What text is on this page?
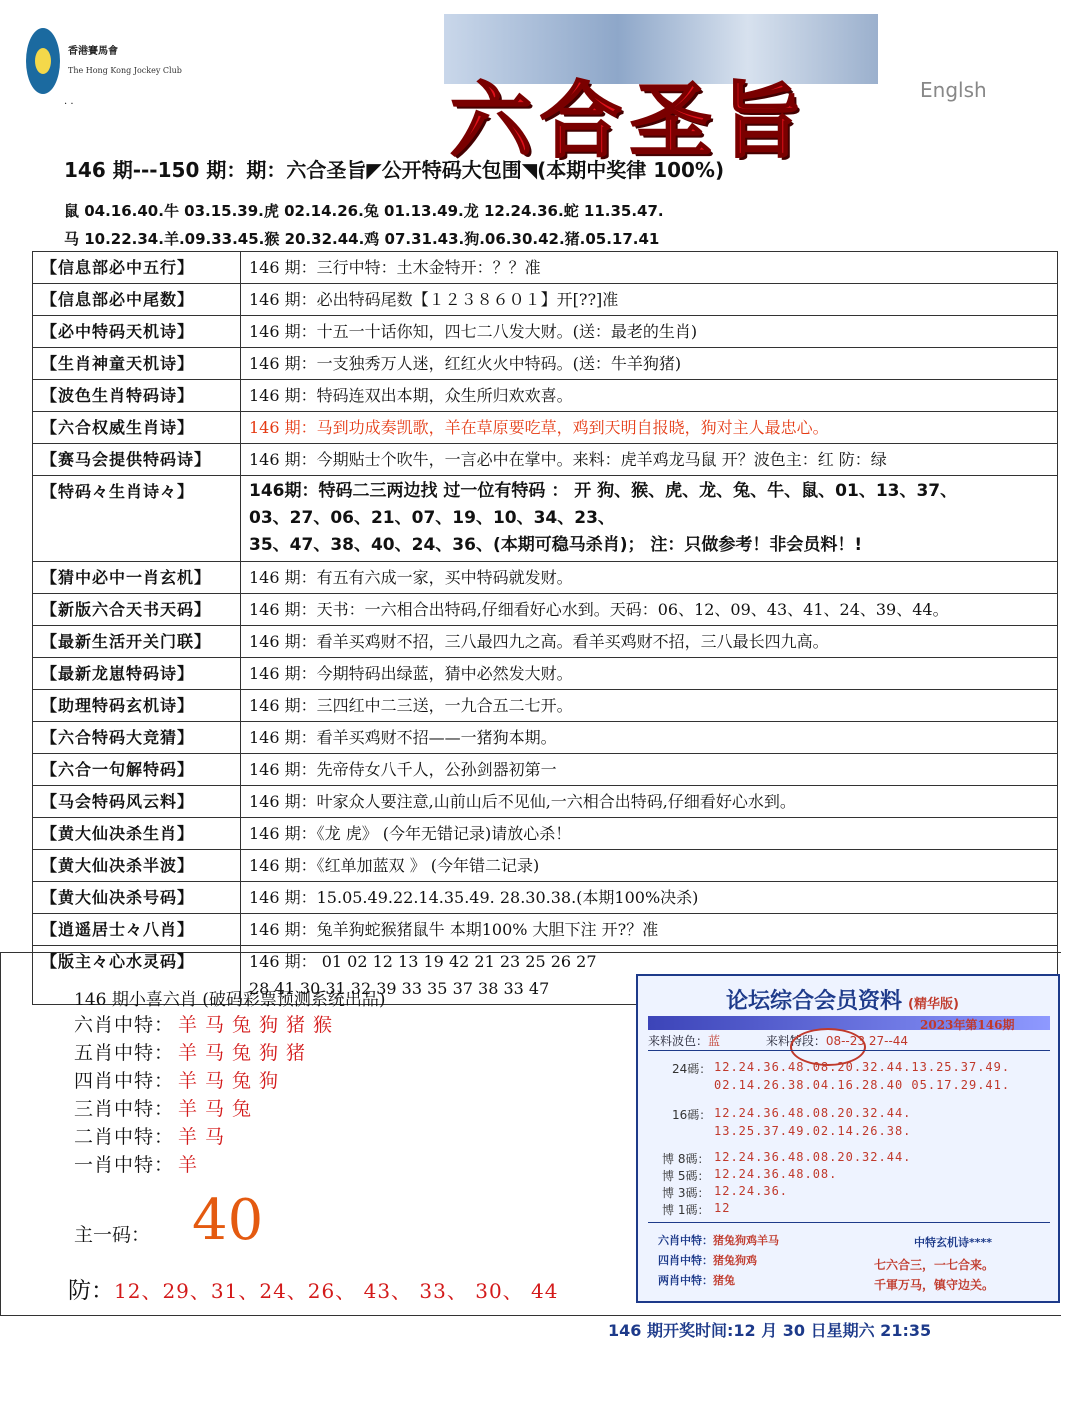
香港賽馬會
The Hong Kong Jockey Club
. .	六合圣旨	Englsh
146 期---150 期：期：六合圣旨◤公开特码大包围◥(本期中奖律 100%)
鼠 04.16.40.牛 03.15.39.虎 02.14.26.兔 01.13.49.龙 12.24.36.蛇 11.35.47.
马 10.22.34.羊.09.33.45.猴 20.32.44.鸡 07.31.43.狗.06.30.42.猪.05.17.41
【信息部必中五行】	146 期：三行中特：土木金特开：？？准

【信息部必中尾数】	146 期：必出特码尾数【１２３８６０１】开[??]准

【必中特码天机诗】	146 期：十五一十话你知，四七二八发大财。(送：最老的生肖)

【生肖神童天机诗】	146 期：一支独秀万人迷，红红火火中特码。(送：牛羊狗猪)

【波色生肖特码诗】	146 期：特码连双出本期，众生所归欢欢喜。

【六合权威生肖诗】	146 期：马到功成奏凯歌，羊在草原要吃草，鸡到天明自报晓，狗对主人最忠心。

【赛马会提供特码诗】	146 期：今期贴士个吹牛，一言必中在掌中。来料：虎羊鸡龙马鼠 开？波色主：红 防：绿

【特码々生肖诗々】	146期：特码二三两边找 过一位有特码 ： 开 狗、猴、虎、龙、兔、牛、鼠、01、13、37、
03、27、06、21、07、19、10、34、23、
35、47、38、40、24、36、(本期可稳马杀肖)； 注：只做参考！非会员料！!

【猜中必中一肖玄机】	146 期：有五有六成一家，买中特码就发财。

【新版六合天书天码】	146 期：天书：一六相合出特码,仔细看好心水到。天码：06、12、09、43、41、24、39、44。

【最新生活开关门联】	146 期：看羊买鸡财不招，三八最四九之高。看羊买鸡财不招，三八最长四九高。

【最新龙崽特码诗】	146 期：今期特码出绿蓝，猜中必然发大财。

【助理特码玄机诗】	146 期：三四红中二三送，一九合五二七开。

【六合特码大竞猜】	146 期：看羊买鸡财不招——一猪狗本期。

【六合一句解特码】	146 期：先帝侍女八千人，公孙剑器初第一

【马会特码风云料】	146 期：叶家众人要注意,山前山后不见仙,一六相合出特码,仔细看好心水到。

【黄大仙决杀生肖】	146 期：《龙 虎》 (今年无错记录)请放心杀！

【黄大仙决杀半波】	146 期：《红单加蓝双 》 (今年错二记录)

【黄大仙决杀号码】	146 期：15.05.49.22.14.35.49. 28.30.38.(本期100%决杀)

【逍遥居士々八肖】	146 期：兔羊狗蛇猴猪鼠牛 本期100% 大胆下注 开?？准

【版主々心水灵码】	146 期： 01 02 12 13 19 42 21 23 25 26 27
28 41 30 31 32 39 33 35 37 38 33 47
146 期小喜六肖 (破码彩票预测系统出品)
六肖中特： 羊马兔狗猪猴
五肖中特： 羊马兔狗猪
四肖中特： 羊马兔狗
三肖中特： 羊马兔
二肖中特： 羊马
一肖中特： 羊
主一码： 40
防：12、29、31、24、26、 43、 33、 30、 44
论坛综合会员资料 (精华版)
2023年第146期
来料波色：蓝	来料特段：08--23 27--44
24碼： 12.24.36.48.08.20.32.44.13.25.37.49.
02.14.26.38.04.16.28.40 05.17.29.41.
16碼： 12.24.36.48.08.20.32.44.
13.25.37.49.02.14.26.38.
博 8碼： 12.24.36.48.08.20.32.44.
博 5碼： 12.24.36.48.08.
博 3碼： 12.24.36.
博 1碼： 12
六肖中特：猪兔狗鸡羊马
四肖中特：猪兔狗鸡
两肖中特：猪兔
中特玄机诗****
七六合三，一七合来。
千軍万马，镇守边关。
146 期开奖时间:12 月 30 日星期六 21:35
